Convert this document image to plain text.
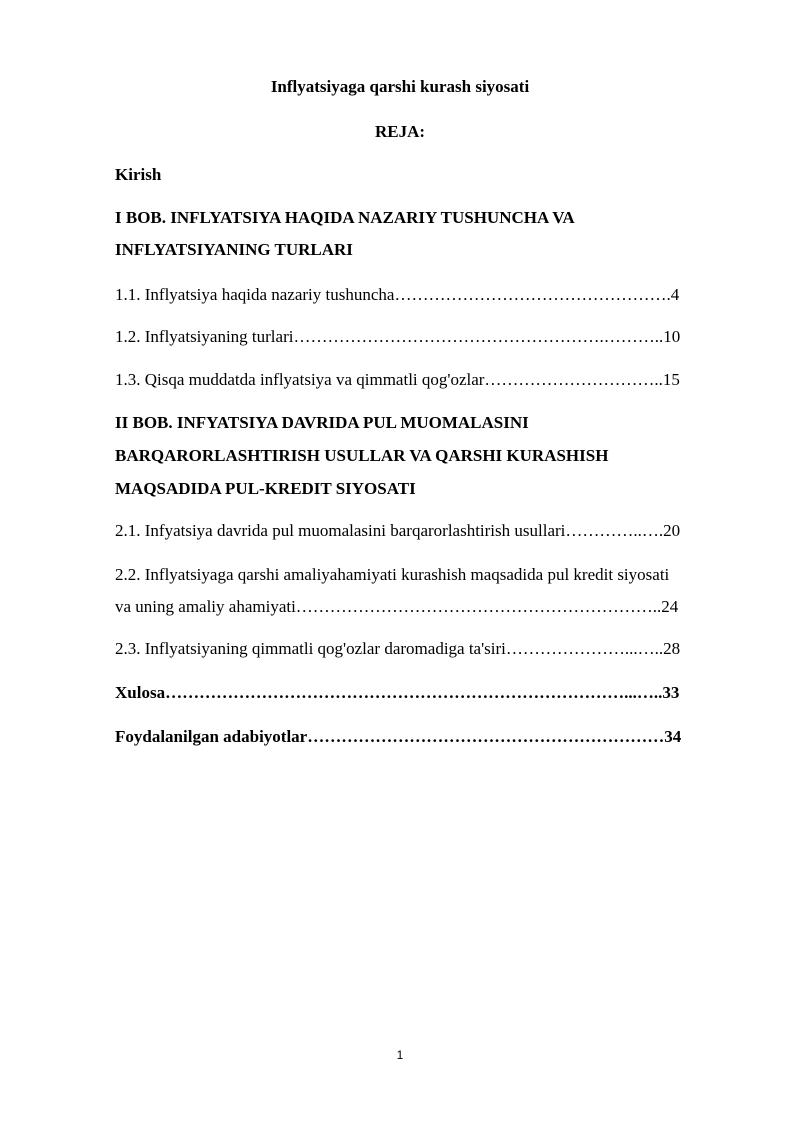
Inflyatsiyaga qarshi kurash siyosati
REJA:
Kirish
I BOB. INFLYATSIYA HAQIDA NAZARIY TUSHUNCHA VA
INFLYATSIYANING TURLARI
1.1. Inflyatsiya haqida nazariy tushuncha………………………………………….4
1.2. Inflyatsiyaning turlari……………………………………………….………..10
1.3. Qisqa muddatda inflyatsiya va qimmatli qog'ozlar…………………………..15
II BOB. INFYATSIYA DAVRIDA PUL MUOMALASINI
BARQARORLASHTIRISH USULLAR VA QARSHI KURASHISH
MAQSADIDA PUL-KREDIT SIYOSATI
2.1. Infyatsiya davrida pul muomalasini barqarorlashtirish usullari…………..….20
2.2. Inflyatsiyaga qarshi amaliyahamiyati kurashish maqsadida pul kredit siyosati
va uning amaliy ahamiyati………………………………………………………..24
2.3. Inflyatsiyaning qimmatli qog'ozlar daromadiga ta'siri…………………...…..28
Xulosa………………………………………………………………………...…..33
Foydalanilgan adabiyotlar………………………………………………………34
1
